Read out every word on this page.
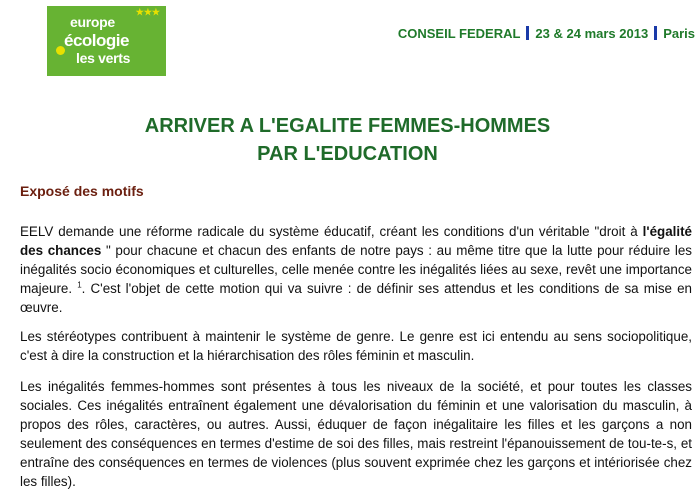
★★★
europe
écologie
les verts
CONSEIL FEDERAL 23 & 24 mars 2013 Paris
ARRIVER A L'EGALITE FEMMES-HOMMES
PAR L'EDUCATION
Exposé des motifs
EELV demande une réforme radicale du système éducatif, créant les conditions d'un véritable "droit à l'égalité des chances " pour chacune et chacun des enfants de notre pays : au même titre que la lutte pour réduire les inégalités socio économiques et culturelles, celle menée contre les inégalités liées au sexe, revêt une importance majeure. $^1$. C'est l'objet de cette motion qui va suivre : de définir ses attendus et les conditions de sa mise en œuvre.
Les stéréotypes contribuent à maintenir le système de genre. Le genre est ici entendu au sens sociopolitique, c'est à dire la construction et la hiérarchisation des rôles féminin et masculin.
Les inégalités femmes-hommes sont présentes à tous les niveaux de la société, et pour toutes les classes sociales. Ces inégalités entraînent également une dévalorisation du féminin et une valorisation du masculin, à propos des rôles, caractères, ou autres. Aussi, éduquer de façon inégalitaire les filles et les garçons a non seulement des conséquences en termes d'estime de soi des filles, mais restreint l'épanouissement de tou-te-s, et entraîne des conséquences en termes de violences (plus souvent exprimée chez les garçons et intériorisée chez les filles).
